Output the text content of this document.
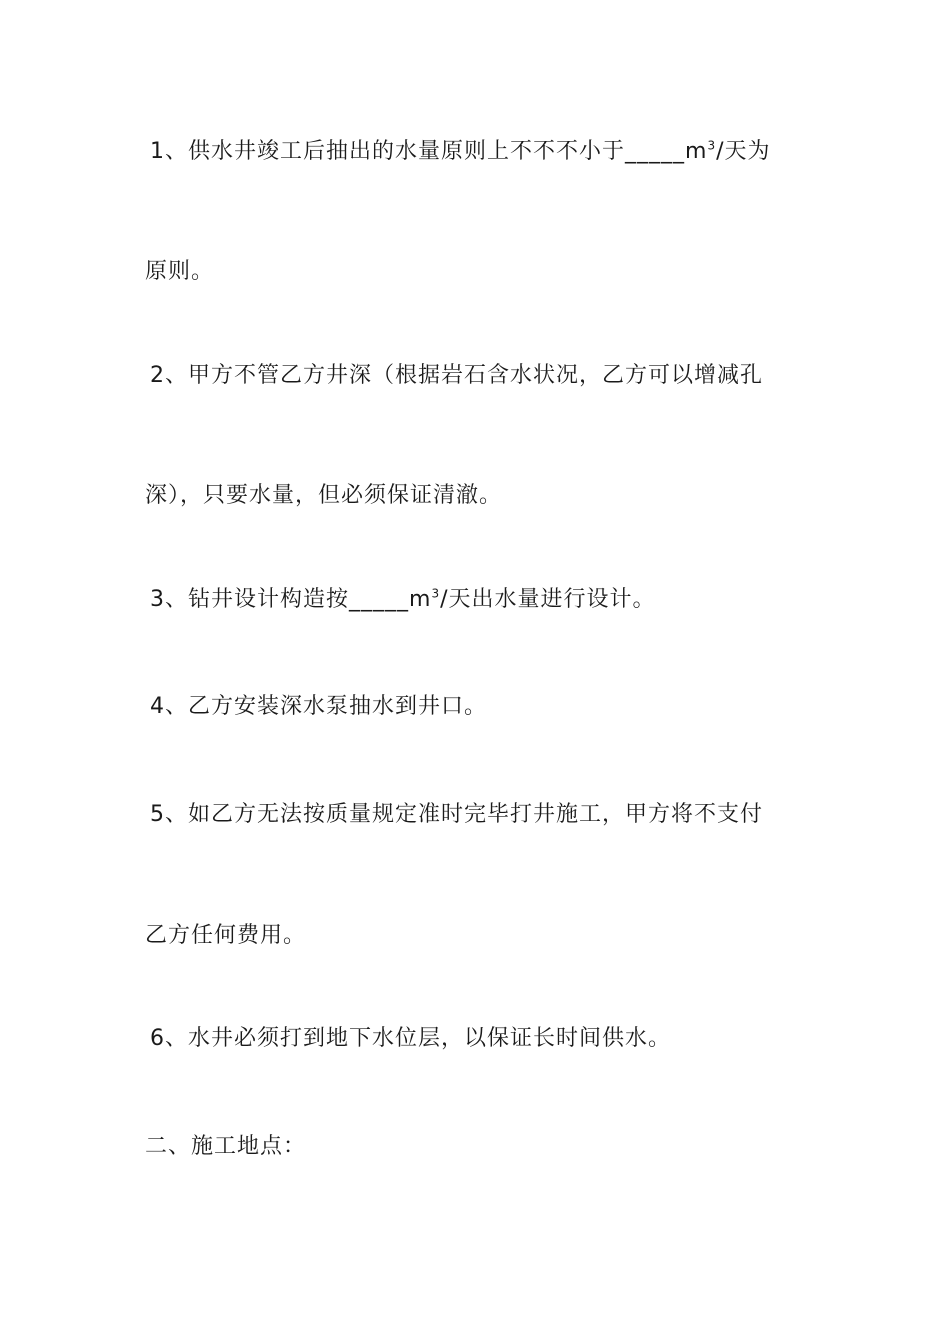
1、供水井竣工后抽出的水量原则上不不不小于$\_\_\_\_\_m^3/$天为
原则。
2、甲方不管乙方井深（根据岩石含水状况，乙方可以增减孔
深），只要水量，但必须保证清澈。
3、钻井设计构造按$\_\_\_\_\_m^3/$天出水量进行设计。
4、乙方安装深水泵抽水到井口。
5、如乙方无法按质量规定准时完毕打井施工，甲方将不支付
乙方任何费用。
6、水井必须打到地下水位层，以保证长时间供水。
二、施工地点：
